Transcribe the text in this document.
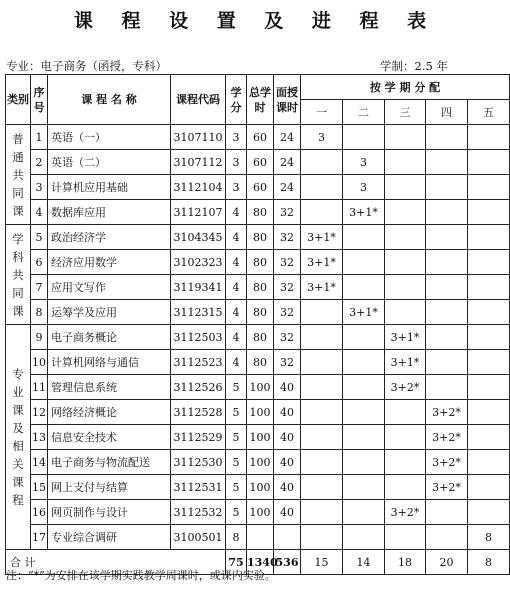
课 程 设 置 及 进 程 表
专业：电子商务（函授，专科）	学制：2.5 年
类别	序号	课 程 名 称	课程代码	学分	总学时	面授课时	按 学 期 分 配				
							一	二	三	四	五

普通共同课	1	英语（一）	3107110	3	60	24	3				
	2	英语（二）	3107112	3	60	24		3			
	3	计算机应用基础	3112104	3	60	24		3			
	4	数据库应用	3112107	4	80	32		3+1*			

学科共同课	5	政治经济学	3104345	4	80	32	3+1*				
	6	经济应用数学	3102323	4	80	32	3+1*				
	7	应用文写作	3119341	4	80	32	3+1*				
	8	运筹学及应用	3112315	4	80	32		3+1*			

专业课及相关课程	9	电子商务概论	3112503	4	80	32			3+1*		
	10	计算机网络与通信	3112523	4	80	32			3+1*		
	11	管理信息系统	3112526	5	100	40			3+2*		
	12	网络经济概论	3112528	5	100	40				3+2*	
	13	信息安全技术	3112529	5	100	40				3+2*	
	14	电子商务与物流配送	3112530	5	100	40				3+2*	
	15	网上支付与结算	3112531	5	100	40				3+2*	
	16	网页制作与设计	3112532	5	100	40			3+2*		
	17	专业综合调研	3100501	8							8
合 计				75	1340	536	15	14	18	20	8
注：“*”为安排在该学期实践教学周课时，或课内实验。
